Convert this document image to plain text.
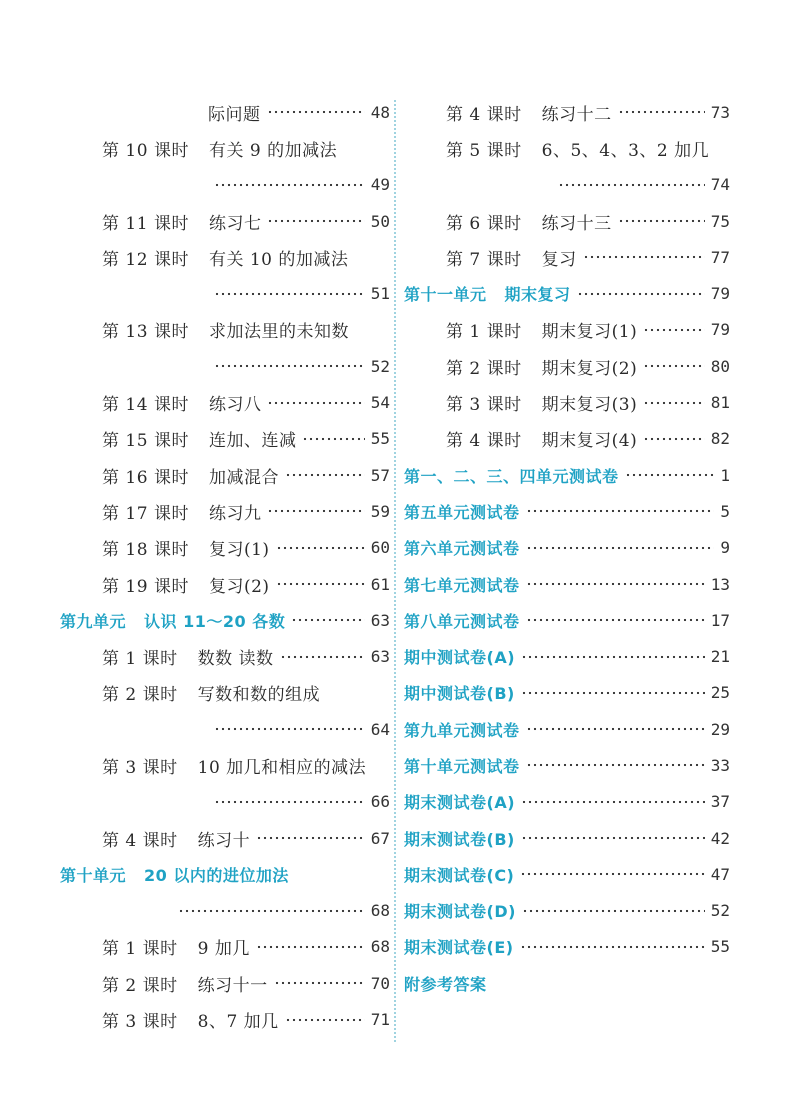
际问题	48
第 10 课时 有关 9 的加减法
49
第 11 课时 练习七	50
第 12 课时 有关 10 的加减法
51
第 13 课时 求加法里的未知数
52
第 14 课时 练习八	54
第 15 课时 连加、连减	55
第 16 课时 加减混合	57
第 17 课时 练习九	59
第 18 课时 复习(1)	60
第 19 课时 复习(2)	61
第九单元 认识 11～20 各数	63
第 1 课时 数数 读数	63
第 2 课时 写数和数的组成
64
第 3 课时 10 加几和相应的减法
66
第 4 课时 练习十	67
第十单元 20 以内的进位加法
68
第 1 课时 9 加几	68
第 2 课时 练习十一	70
第 3 课时 8、7 加几	71
第 4 课时 练习十二	73
第 5 课时 6、5、4、3、2 加几
74
第 6 课时 练习十三	75
第 7 课时 复习	77
第十一单元 期末复习	79
第 1 课时 期末复习(1)	79
第 2 课时 期末复习(2)	80
第 3 课时 期末复习(3)	81
第 4 课时 期末复习(4)	82
第一、二、三、四单元测试卷	1
第五单元测试卷	5
第六单元测试卷	9
第七单元测试卷	13
第八单元测试卷	17
期中测试卷(A)	21
期中测试卷(B)	25
第九单元测试卷	29
第十单元测试卷	33
期末测试卷(A)	37
期末测试卷(B)	42
期末测试卷(C)	47
期末测试卷(D)	52
期末测试卷(E)	55
附参考答案
